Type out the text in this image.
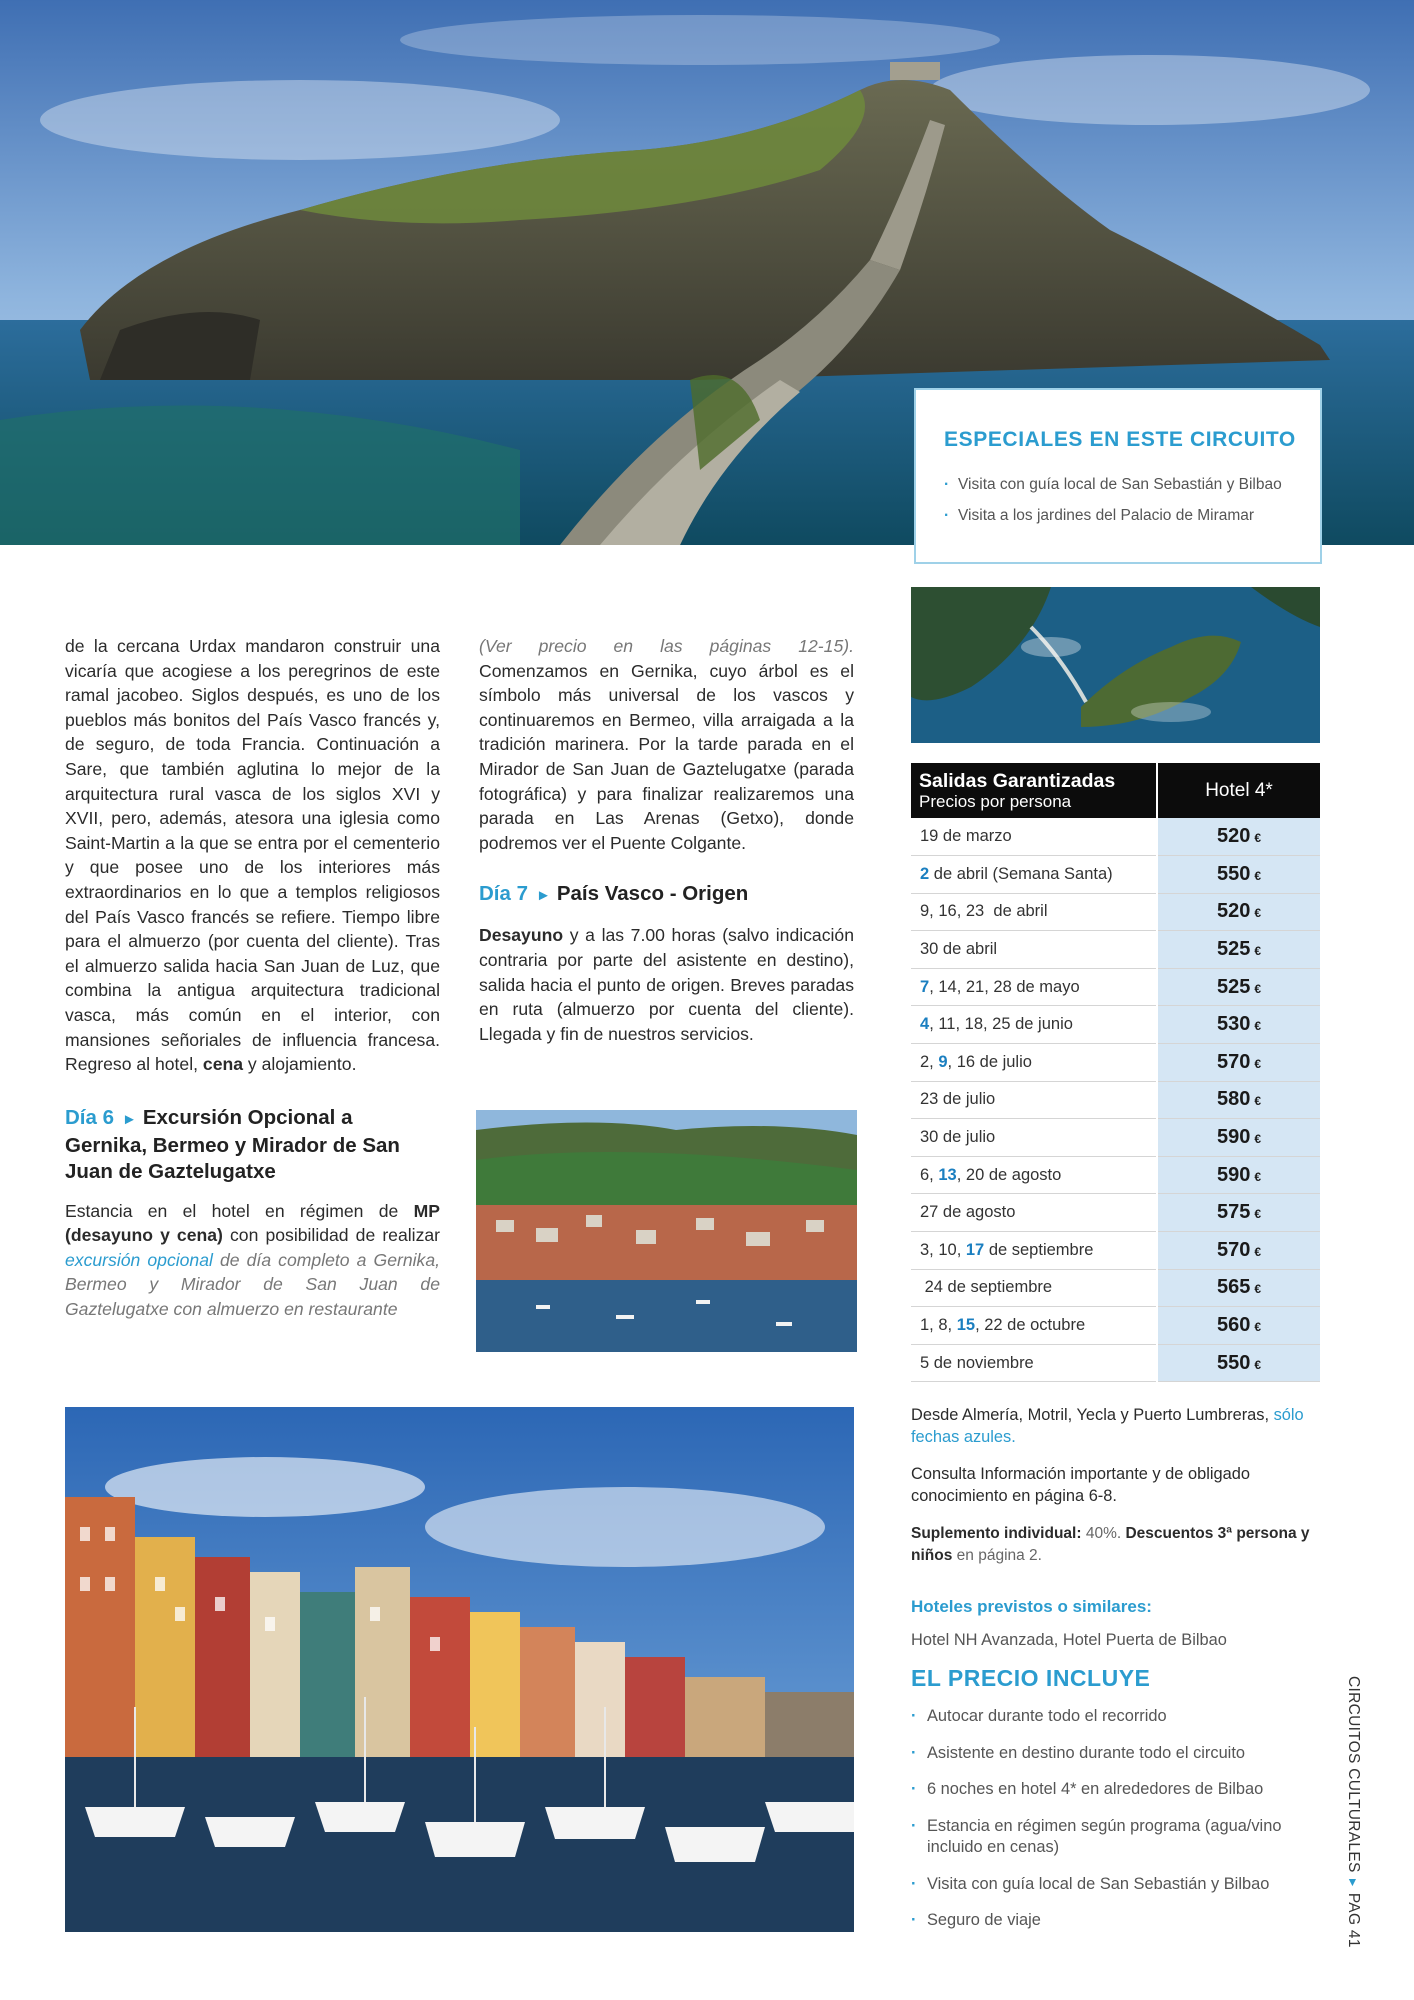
ESPECIALES EN ESTE CIRCUITO
· Visita con guía local de San Sebastián y Bilbao
· Visita a los jardines del Palacio de Miramar

de la cercana Urdax mandaron construir una vicaría que acogiese a los peregrinos de este ramal jacobeo. Siglos después, es uno de los pueblos más bonitos del País Vasco francés y, de seguro, de toda Francia. Continuación a Sare, que también aglutina lo mejor de la arquitectura rural vasca de los siglos XVI y XVII, pero, además, atesora una iglesia como Saint-Martin a la que se entra por el cementerio y que posee uno de los interiores más extraordinarios en lo que a templos religiosos del País Vasco francés se refiere. Tiempo libre para el almuerzo (por cuenta del cliente). Tras el almuerzo salida hacia San Juan de Luz, que combina la antigua arquitectura tradicional vasca, más común en el interior, con mansiones señoriales de influencia francesa. Regreso al hotel, cena y alojamiento.

Día 6 ► Excursión Opcional a Gernika, Bermeo y Mirador de San Juan de Gaztelugatxe

Estancia en el hotel en régimen de MP (desayuno y cena) con posibilidad de realizar excursión opcional de día completo a Gernika, Bermeo y Mirador de San Juan de Gaztelugatxe con almuerzo en restaurante

(Ver precio en las páginas 12-15). Comenzamos en Gernika, cuyo árbol es el símbolo más universal de los vascos y continuaremos en Bermeo, villa arraigada a la tradición marinera. Por la tarde parada en el Mirador de San Juan de Gaztelugatxe (parada fotográfica) y para finalizar realizaremos una parada en Las Arenas (Getxo), donde podremos ver el Puente Colgante.

Día 7 ► País Vasco - Origen

Desayuno y a las 7.00 horas (salvo indicación contraria por parte del asistente en destino), salida hacia el punto de origen. Breves paradas en ruta (almuerzo por cuenta del cliente). Llegada y fin de nuestros servicios.

Salidas Garantizadas
Precios por persona	Hotel 4*
19 de marzo	520 €
2 de abril (Semana Santa)	550 €
9, 16, 23  de abril	520 €
30 de abril	525 €
7, 14, 21, 28 de mayo	525 €
4, 11, 18, 25 de junio	530 €
2, 9, 16 de julio	570 €
23 de julio	580 €
30 de julio	590 €
6, 13, 20 de agosto	590 €
27 de agosto	575 €
3, 10, 17 de septiembre	570 €
24 de septiembre	565 €
1, 8, 15, 22 de octubre	560 €
5 de noviembre	550 €

Desde Almería, Motril, Yecla y Puerto Lumbreras, sólo fechas azules.

Consulta Información importante y de obligado conocimiento en página 6-8.

Suplemento individual: 40%. Descuentos 3ª persona y niños en página 2.

Hoteles previstos o similares:
Hotel NH Avanzada, Hotel Puerta de Bilbao
EL PRECIO INCLUYE
· Autocar durante todo el recorrido
· Asistente en destino durante todo el circuito
· 6 noches en hotel 4* en alrededores de Bilbao
· Estancia en régimen según programa (agua/vino incluido en cenas)
· Visita con guía local de San Sebastián y Bilbao
· Seguro de viaje
CIRCUITOS CULTURALES►PAG 41
